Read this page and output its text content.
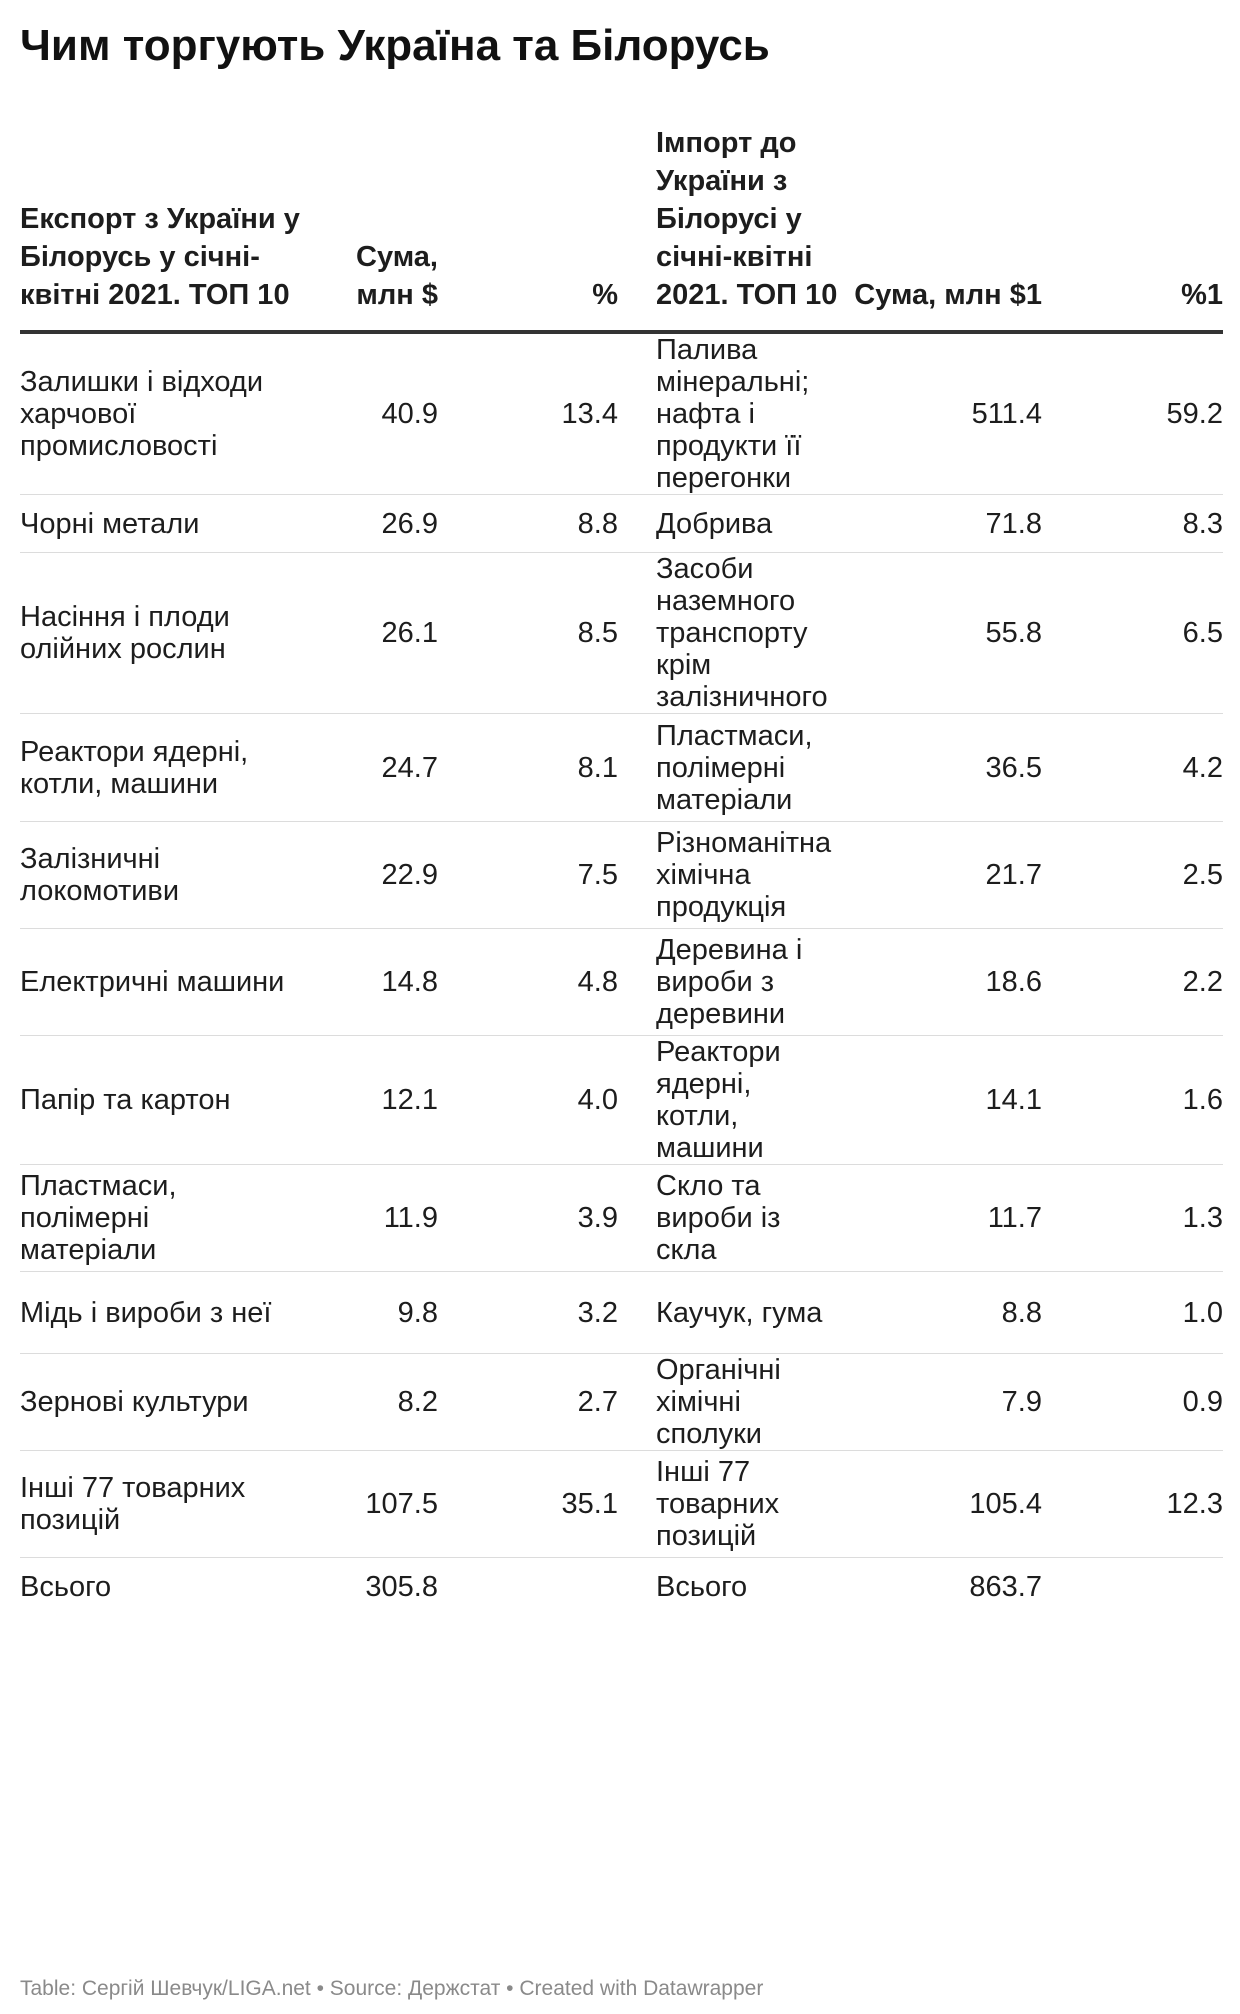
Чим торгують Україна та Білорусь
Експорт з України у Білорусь у січні-квітні 2021. ТОП 10	Сума, млн $	%	Імпорт до України з Білорусі у січні-квітні 2021. ТОП 10	Сума, млн $1	%1
Залишки і відходи харчової промисловості	40.9	13.4	Палива мінеральні; нафта і продукти її перегонки	511.4	59.2
Чорні метали	26.9	8.8	Добрива	71.8	8.3
Насіння і плоди олійних рослин	26.1	8.5	Засоби наземного транспорту крім залізничного	55.8	6.5
Реактори ядерні, котли, машини	24.7	8.1	Пластмаси, полімерні матеріали	36.5	4.2
Залізничні локомотиви	22.9	7.5	Різноманітна хімічна продукція	21.7	2.5
Електричні машини	14.8	4.8	Деревина і вироби з деревини	18.6	2.2
Папір та картон	12.1	4.0	Реактори ядерні, котли, машини	14.1	1.6
Пластмаси, полімерні матеріали	11.9	3.9	Скло та вироби із скла	11.7	1.3
Мідь і вироби з неї	9.8	3.2	Каучук, гума	8.8	1.0
Зернові культури	8.2	2.7	Органічні хімічні сполуки	7.9	0.9
Інші 77 товарних позицій	107.5	35.1	Інші 77 товарних позицій	105.4	12.3
Всього	305.8		Всього	863.7	
Table: Сергій Шевчук/LIGA.net • Source: Держстат • Created with Datawrapper
